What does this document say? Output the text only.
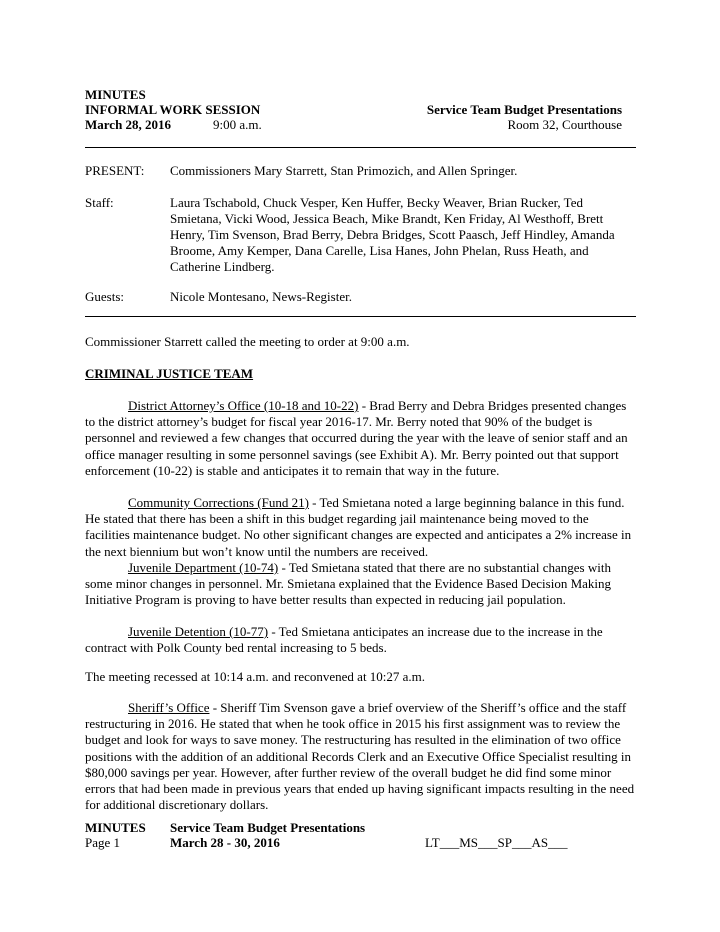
MINUTES
INFORMAL WORK SESSION	Service Team Budget Presentations
March 28, 2016	9:00 a.m.	Room 32, Courthouse
PRESENT: Commissioners Mary Starrett, Stan Primozich, and Allen Springer.
Staff:	Laura Tschabold, Chuck Vesper, Ken Huffer, Becky Weaver, Brian Rucker, Ted Smietana, Vicki Wood, Jessica Beach, Mike Brandt, Ken Friday, Al Westhoff, Brett Henry, Tim Svenson, Brad Berry, Debra Bridges, Scott Paasch, Jeff Hindley, Amanda Broome, Amy Kemper, Dana Carelle, Lisa Hanes, John Phelan, Russ Heath, and Catherine Lindberg.
Guests:	Nicole Montesano, News-Register.
Commissioner Starrett called the meeting to order at 9:00 a.m.
CRIMINAL JUSTICE TEAM
District Attorney’s Office (10-18 and 10-22) - Brad Berry and Debra Bridges presented changes to the district attorney’s budget for fiscal year 2016-17. Mr. Berry noted that 90% of the budget is personnel and reviewed a few changes that occurred during the year with the leave of senior staff and an office manager resulting in some personnel savings (see Exhibit A). Mr. Berry pointed out that support enforcement (10-22) is stable and anticipates it to remain that way in the future.
Community Corrections (Fund 21) - Ted Smietana noted a large beginning balance in this fund. He stated that there has been a shift in this budget regarding jail maintenance being moved to the facilities maintenance budget. No other significant changes are expected and anticipates a 2% increase in the next biennium but won’t know until the numbers are received.
Juvenile Department (10-74) - Ted Smietana stated that there are no substantial changes with some minor changes in personnel. Mr. Smietana explained that the Evidence Based Decision Making Initiative Program is proving to have better results than expected in reducing jail population.
Juvenile Detention (10-77) - Ted Smietana anticipates an increase due to the increase in the contract with Polk County bed rental increasing to 5 beds.
The meeting recessed at 10:14 a.m. and reconvened at 10:27 a.m.
Sheriff’s Office - Sheriff Tim Svenson gave a brief overview of the Sheriff’s office and the staff restructuring in 2016. He stated that when he took office in 2015 his first assignment was to review the budget and look for ways to save money. The restructuring has resulted in the elimination of two office positions with the addition of an additional Records Clerk and an Executive Office Specialist resulting in $80,000 savings per year. However, after further review of the overall budget he did find some minor errors that had been made in previous years that ended up having significant impacts resulting in the need for additional discretionary dollars.
MINUTES Service Team Budget Presentations
Page 1	March 28 - 30, 2016	LT___MS___SP___AS___
